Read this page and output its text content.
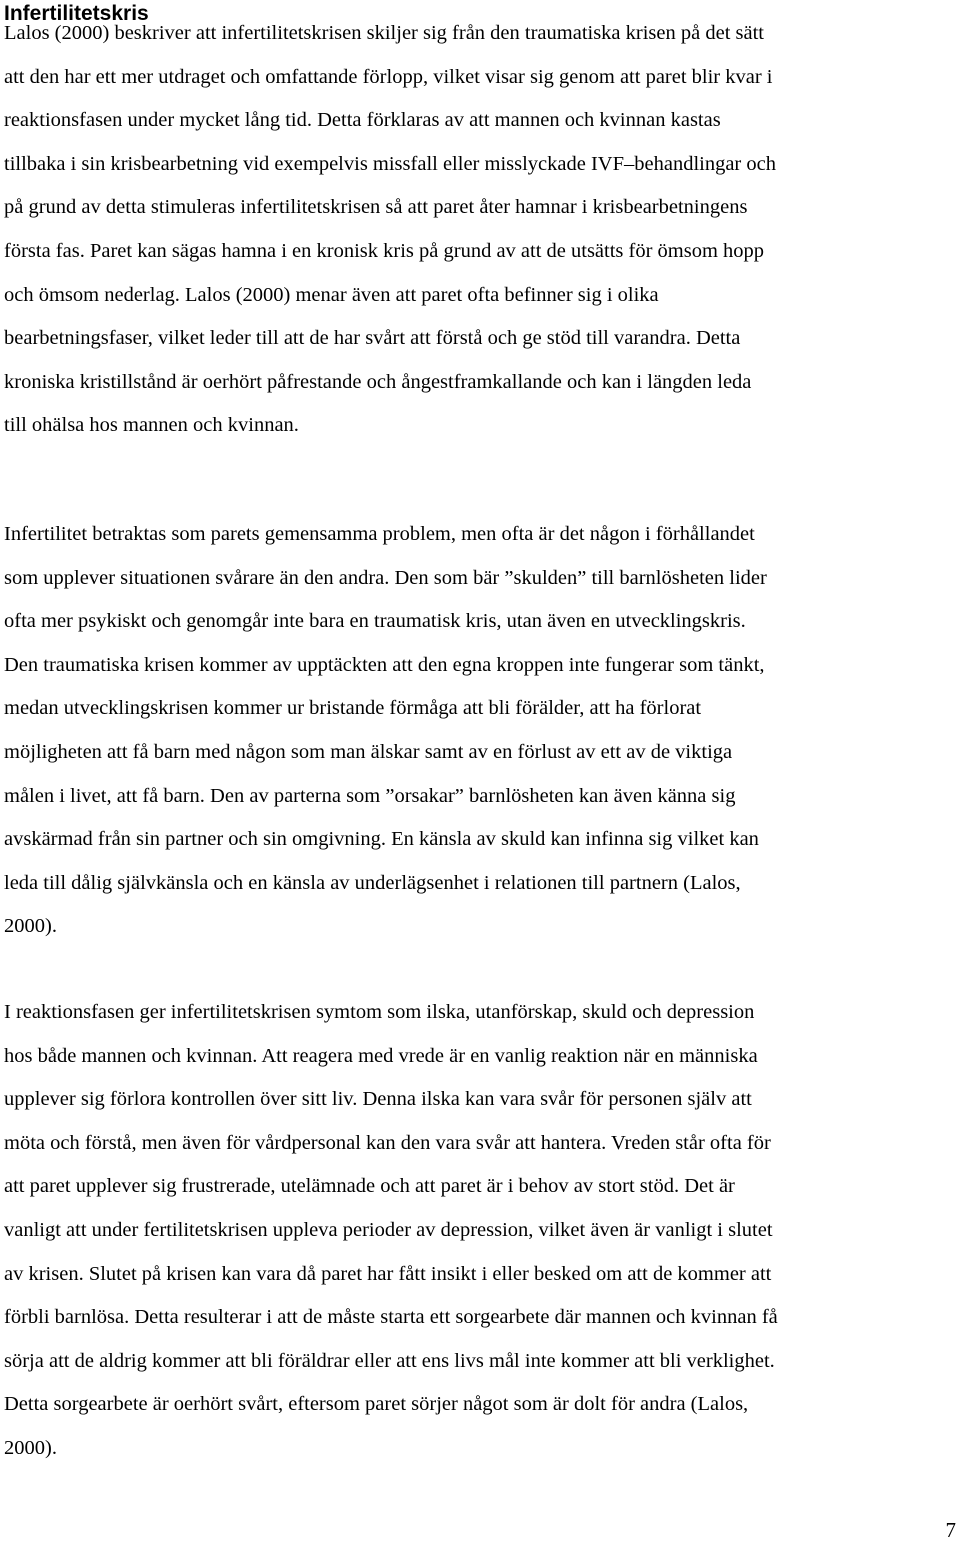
Infertilitetskris
Lalos (2000) beskriver att infertilitetskrisen skiljer sig från den traumatiska krisen på det sätt
att den har ett mer utdraget och omfattande förlopp, vilket visar sig genom att paret blir kvar i
reaktionsfasen under mycket lång tid. Detta förklaras av att mannen och kvinnan kastas
tillbaka i sin krisbearbetning vid exempelvis missfall eller misslyckade IVF–behandlingar och
på grund av detta stimuleras infertilitetskrisen så att paret åter hamnar i krisbearbetningens
första fas. Paret kan sägas hamna i en kronisk kris på grund av att de utsätts för ömsom hopp
och ömsom nederlag. Lalos (2000) menar även att paret ofta befinner sig i olika
bearbetningsfaser, vilket leder till att de har svårt att förstå och ge stöd till varandra. Detta
kroniska kristillstånd är oerhört påfrestande och ångestframkallande och kan i längden leda
till ohälsa hos mannen och kvinnan.
Infertilitet betraktas som parets gemensamma problem, men ofta är det någon i förhållandet
som upplever situationen svårare än den andra. Den som bär ”skulden” till barnlösheten lider
ofta mer psykiskt och genomgår inte bara en traumatisk kris, utan även en utvecklingskris.
Den traumatiska krisen kommer av upptäckten att den egna kroppen inte fungerar som tänkt,
medan utvecklingskrisen kommer ur bristande förmåga att bli förälder, att ha förlorat
möjligheten att få barn med någon som man älskar samt av en förlust av ett av de viktiga
målen i livet, att få barn. Den av parterna som ”orsakar” barnlösheten kan även känna sig
avskärmad från sin partner och sin omgivning. En känsla av skuld kan infinna sig vilket kan
leda till dålig självkänsla och en känsla av underlägsenhet i relationen till partnern (Lalos,
2000).
I reaktionsfasen ger infertilitetskrisen symtom som ilska, utanförskap, skuld och depression
hos både mannen och kvinnan. Att reagera med vrede är en vanlig reaktion när en människa
upplever sig förlora kontrollen över sitt liv. Denna ilska kan vara svår för personen själv att
möta och förstå, men även för vårdpersonal kan den vara svår att hantera. Vreden står ofta för
att paret upplever sig frustrerade, utelämnade och att paret är i behov av stort stöd. Det är
vanligt att under fertilitetskrisen uppleva perioder av depression, vilket även är vanligt i slutet
av krisen. Slutet på krisen kan vara då paret har fått insikt i eller besked om att de kommer att
förbli barnlösa. Detta resulterar i att de måste starta ett sorgearbete där mannen och kvinnan få
sörja att de aldrig kommer att bli föräldrar eller att ens livs mål inte kommer att bli verklighet.
Detta sorgearbete är oerhört svårt, eftersom paret sörjer något som är dolt för andra (Lalos,
2000).
7
